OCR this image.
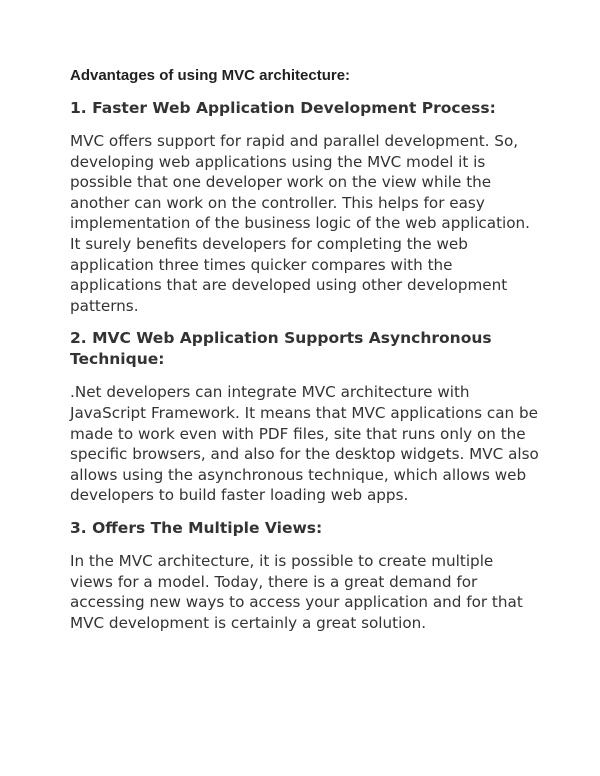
Advantages of using MVC architecture:

1. Faster Web Application Development Process:

MVC offers support for rapid and parallel development. So, developing web applications using the MVC model it is possible that one developer work on the view while the another can work on the controller. This helps for easy implementation of the business logic of the web application. It surely benefits developers for completing the web application three times quicker compares with the applications that are developed using other development patterns.

2. MVC Web Application Supports Asynchronous Technique:

.Net developers can integrate MVC architecture with JavaScript Framework. It means that MVC applications can be made to work even with PDF files, site that runs only on the specific browsers, and also for the desktop widgets. MVC also allows using the asynchronous technique, which allows web developers to build faster loading web apps.

3. Offers The Multiple Views:

In the MVC architecture, it is possible to create multiple views for a model. Today, there is a great demand for accessing new ways to access your application and for that MVC development is certainly a great solution.
